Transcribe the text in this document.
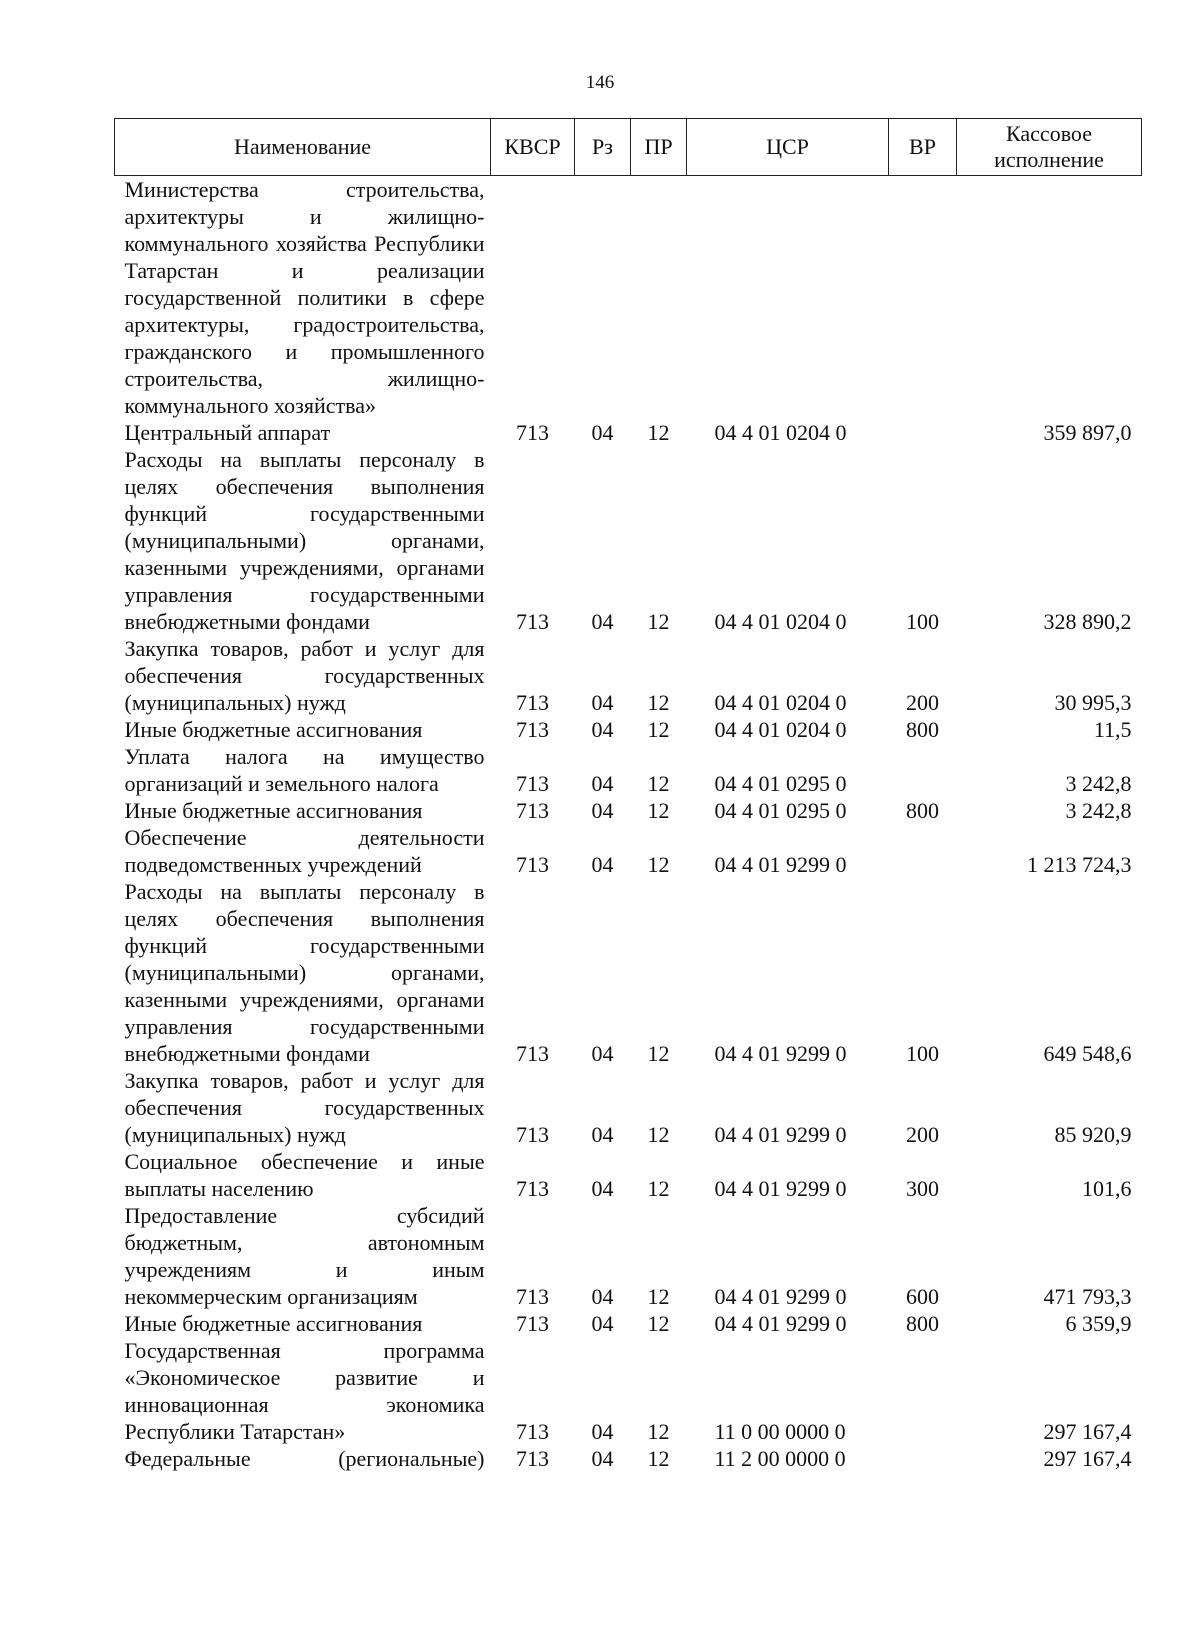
146
Наименование	КВСР	Рз	ПР	ЦСР	ВР	Кассовое исполнение
Министерства строительства, архитектуры и жилищно-коммунального хозяйства Республики Татарстан и реализации государственной политики в сфере архитектуры, градостроительства, гражданского и промышленного строительства, жилищно-коммунального хозяйства»						
Центральный аппарат	713	04	12	04 4 01 0204 0		359 897,0
Расходы на выплаты персоналу в целях обеспечения выполнения функций государственными (муниципальными) органами, казенными учреждениями, органами управления государственными внебюджетными фондами	713	04	12	04 4 01 0204 0	100	328 890,2
Закупка товаров, работ и услуг для обеспечения государственных (муниципальных) нужд	713	04	12	04 4 01 0204 0	200	30 995,3
Иные бюджетные ассигнования	713	04	12	04 4 01 0204 0	800	11,5
Уплата налога на имущество организаций и земельного налога	713	04	12	04 4 01 0295 0		3 242,8
Иные бюджетные ассигнования	713	04	12	04 4 01 0295 0	800	3 242,8
Обеспечение деятельности подведомственных учреждений	713	04	12	04 4 01 9299 0		1 213 724,3
Расходы на выплаты персоналу в целях обеспечения выполнения функций государственными (муниципальными) органами, казенными учреждениями, органами управления государственными внебюджетными фондами	713	04	12	04 4 01 9299 0	100	649 548,6
Закупка товаров, работ и услуг для обеспечения государственных (муниципальных) нужд	713	04	12	04 4 01 9299 0	200	85 920,9
Социальное обеспечение и иные выплаты населению	713	04	12	04 4 01 9299 0	300	101,6
Предоставление субсидий бюджетным, автономным учреждениям и иным некоммерческим организациям	713	04	12	04 4 01 9299 0	600	471 793,3
Иные бюджетные ассигнования	713	04	12	04 4 01 9299 0	800	6 359,9
Государственная программа «Экономическое развитие и инновационная экономика Республики Татарстан»	713	04	12	11 0 00 0000 0		297 167,4
Федеральные (региональные)	713	04	12	11 2 00 0000 0		297 167,4
